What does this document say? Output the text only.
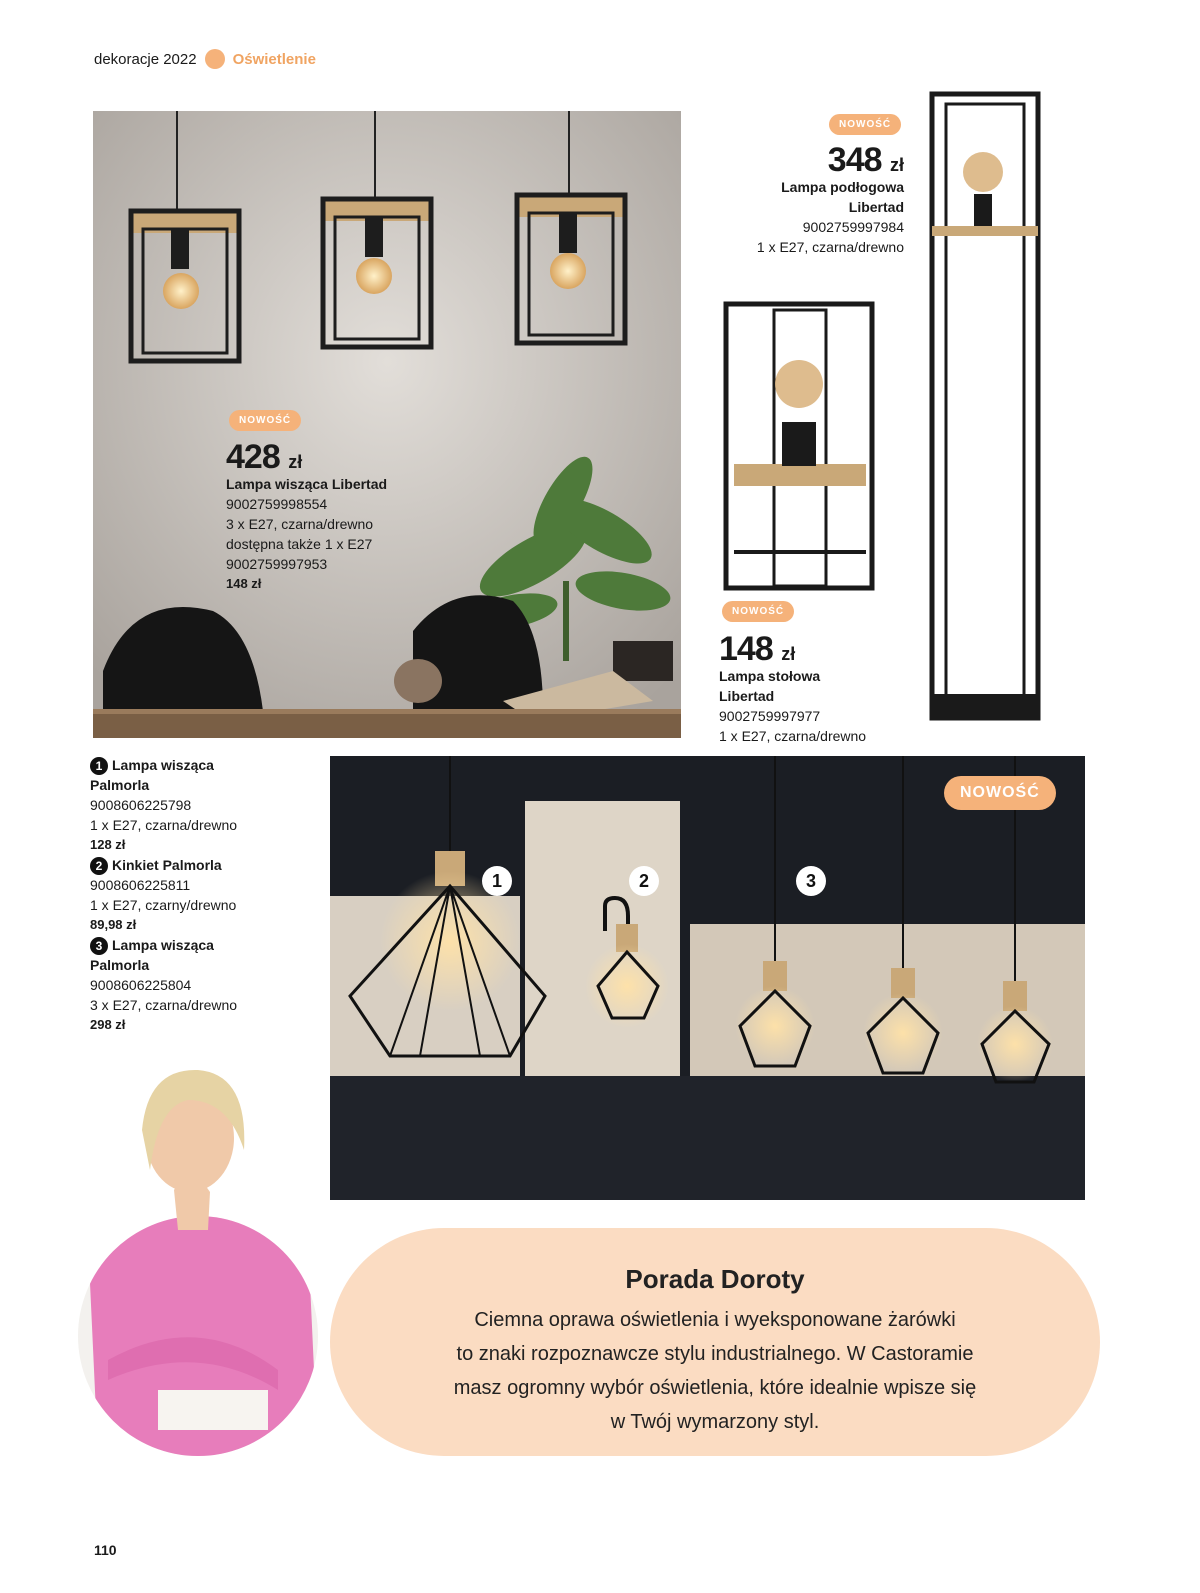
dekoracje 2022 Oświetlenie
NOWOŚĆ
428 zł
Lampa wisząca Libertad
9002759998554
3 x E27, czarna/drewno
dostępna także 1 x E27
9002759997953
148 zł
NOWOŚĆ
348 zł
Lampa podłogowa
Libertad
9002759997984
1 x E27, czarna/drewno
NOWOŚĆ
148 zł
Lampa stołowa
Libertad
9002759997977
1 x E27, czarna/drewno
1 Lampa wisząca
Palmorla
9008606225798
1 x E27, czarna/drewno
128 zł
2 Kinkiet Palmorla
9008606225811
1 x E27, czarny/drewno
89,98 zł
3 Lampa wisząca
Palmorla
9008606225804
3 x E27, czarna/drewno
298 zł
1	2	3
NOWOŚĆ
Porada Doroty

Ciemna oprawa oświetlenia i wyeksponowane żarówki
to znaki rozpoznawcze stylu industrialnego. W Castoramie
masz ogromny wybór oświetlenia, które idealnie wpisze się
w Twój wymarzony styl.

110
